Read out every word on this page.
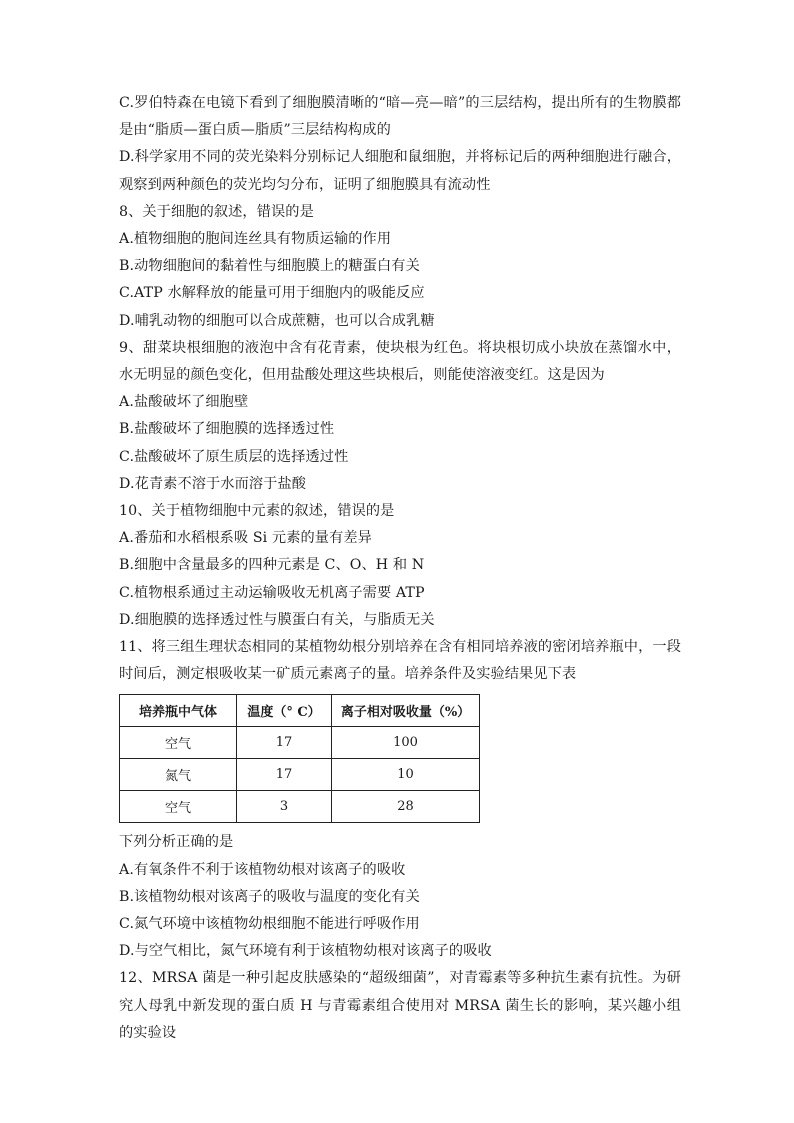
C.罗伯特森在电镜下看到了细胞膜清晰的“暗—亮—暗”的三层结构，提出所有的生物膜都是由“脂质—蛋白质—脂质”三层结构构成的
D.科学家用不同的荧光染料分别标记人细胞和鼠细胞，并将标记后的两种细胞进行融合，观察到两种颜色的荧光均匀分布，证明了细胞膜具有流动性
8、关于细胞的叙述，错误的是
A.植物细胞的胞间连丝具有物质运输的作用
B.动物细胞间的黏着性与细胞膜上的糖蛋白有关
C.ATP 水解释放的能量可用于细胞内的吸能反应
D.哺乳动物的细胞可以合成蔗糖，也可以合成乳糖
9、甜菜块根细胞的液泡中含有花青素，使块根为红色。将块根切成小块放在蒸馏水中，水无明显的颜色变化，但用盐酸处理这些块根后，则能使溶液变红。这是因为
A.盐酸破坏了细胞壁
B.盐酸破坏了细胞膜的选择透过性
C.盐酸破坏了原生质层的选择透过性
D.花青素不溶于水而溶于盐酸
10、关于植物细胞中元素的叙述，错误的是
A.番茄和水稻根系吸 Si 元素的量有差异
B.细胞中含量最多的四种元素是 C、O、H 和 N
C.植物根系通过主动运输吸收无机离子需要 ATP
D.细胞膜的选择透过性与膜蛋白有关，与脂质无关
11、将三组生理状态相同的某植物幼根分别培养在含有相同培养液的密闭培养瓶中，一段时间后，测定根吸收某一矿质元素离子的量。培养条件及实验结果见下表
培养瓶中气体	温度（° C）	离子相对吸收量（%）
空气	17	100
氮气	17	10
空气	3	28
下列分析正确的是
A.有氧条件不利于该植物幼根对该离子的吸收
B.该植物幼根对该离子的吸收与温度的变化有关
C.氮气环境中该植物幼根细胞不能进行呼吸作用
D.与空气相比，氮气环境有利于该植物幼根对该离子的吸收
12、MRSA 菌是一种引起皮肤感染的“超级细菌”，对青霉素等多种抗生素有抗性。为研究人母乳中新发现的蛋白质 H 与青霉素组合使用对 MRSA 菌生长的影响，某兴趣小组的实验设
